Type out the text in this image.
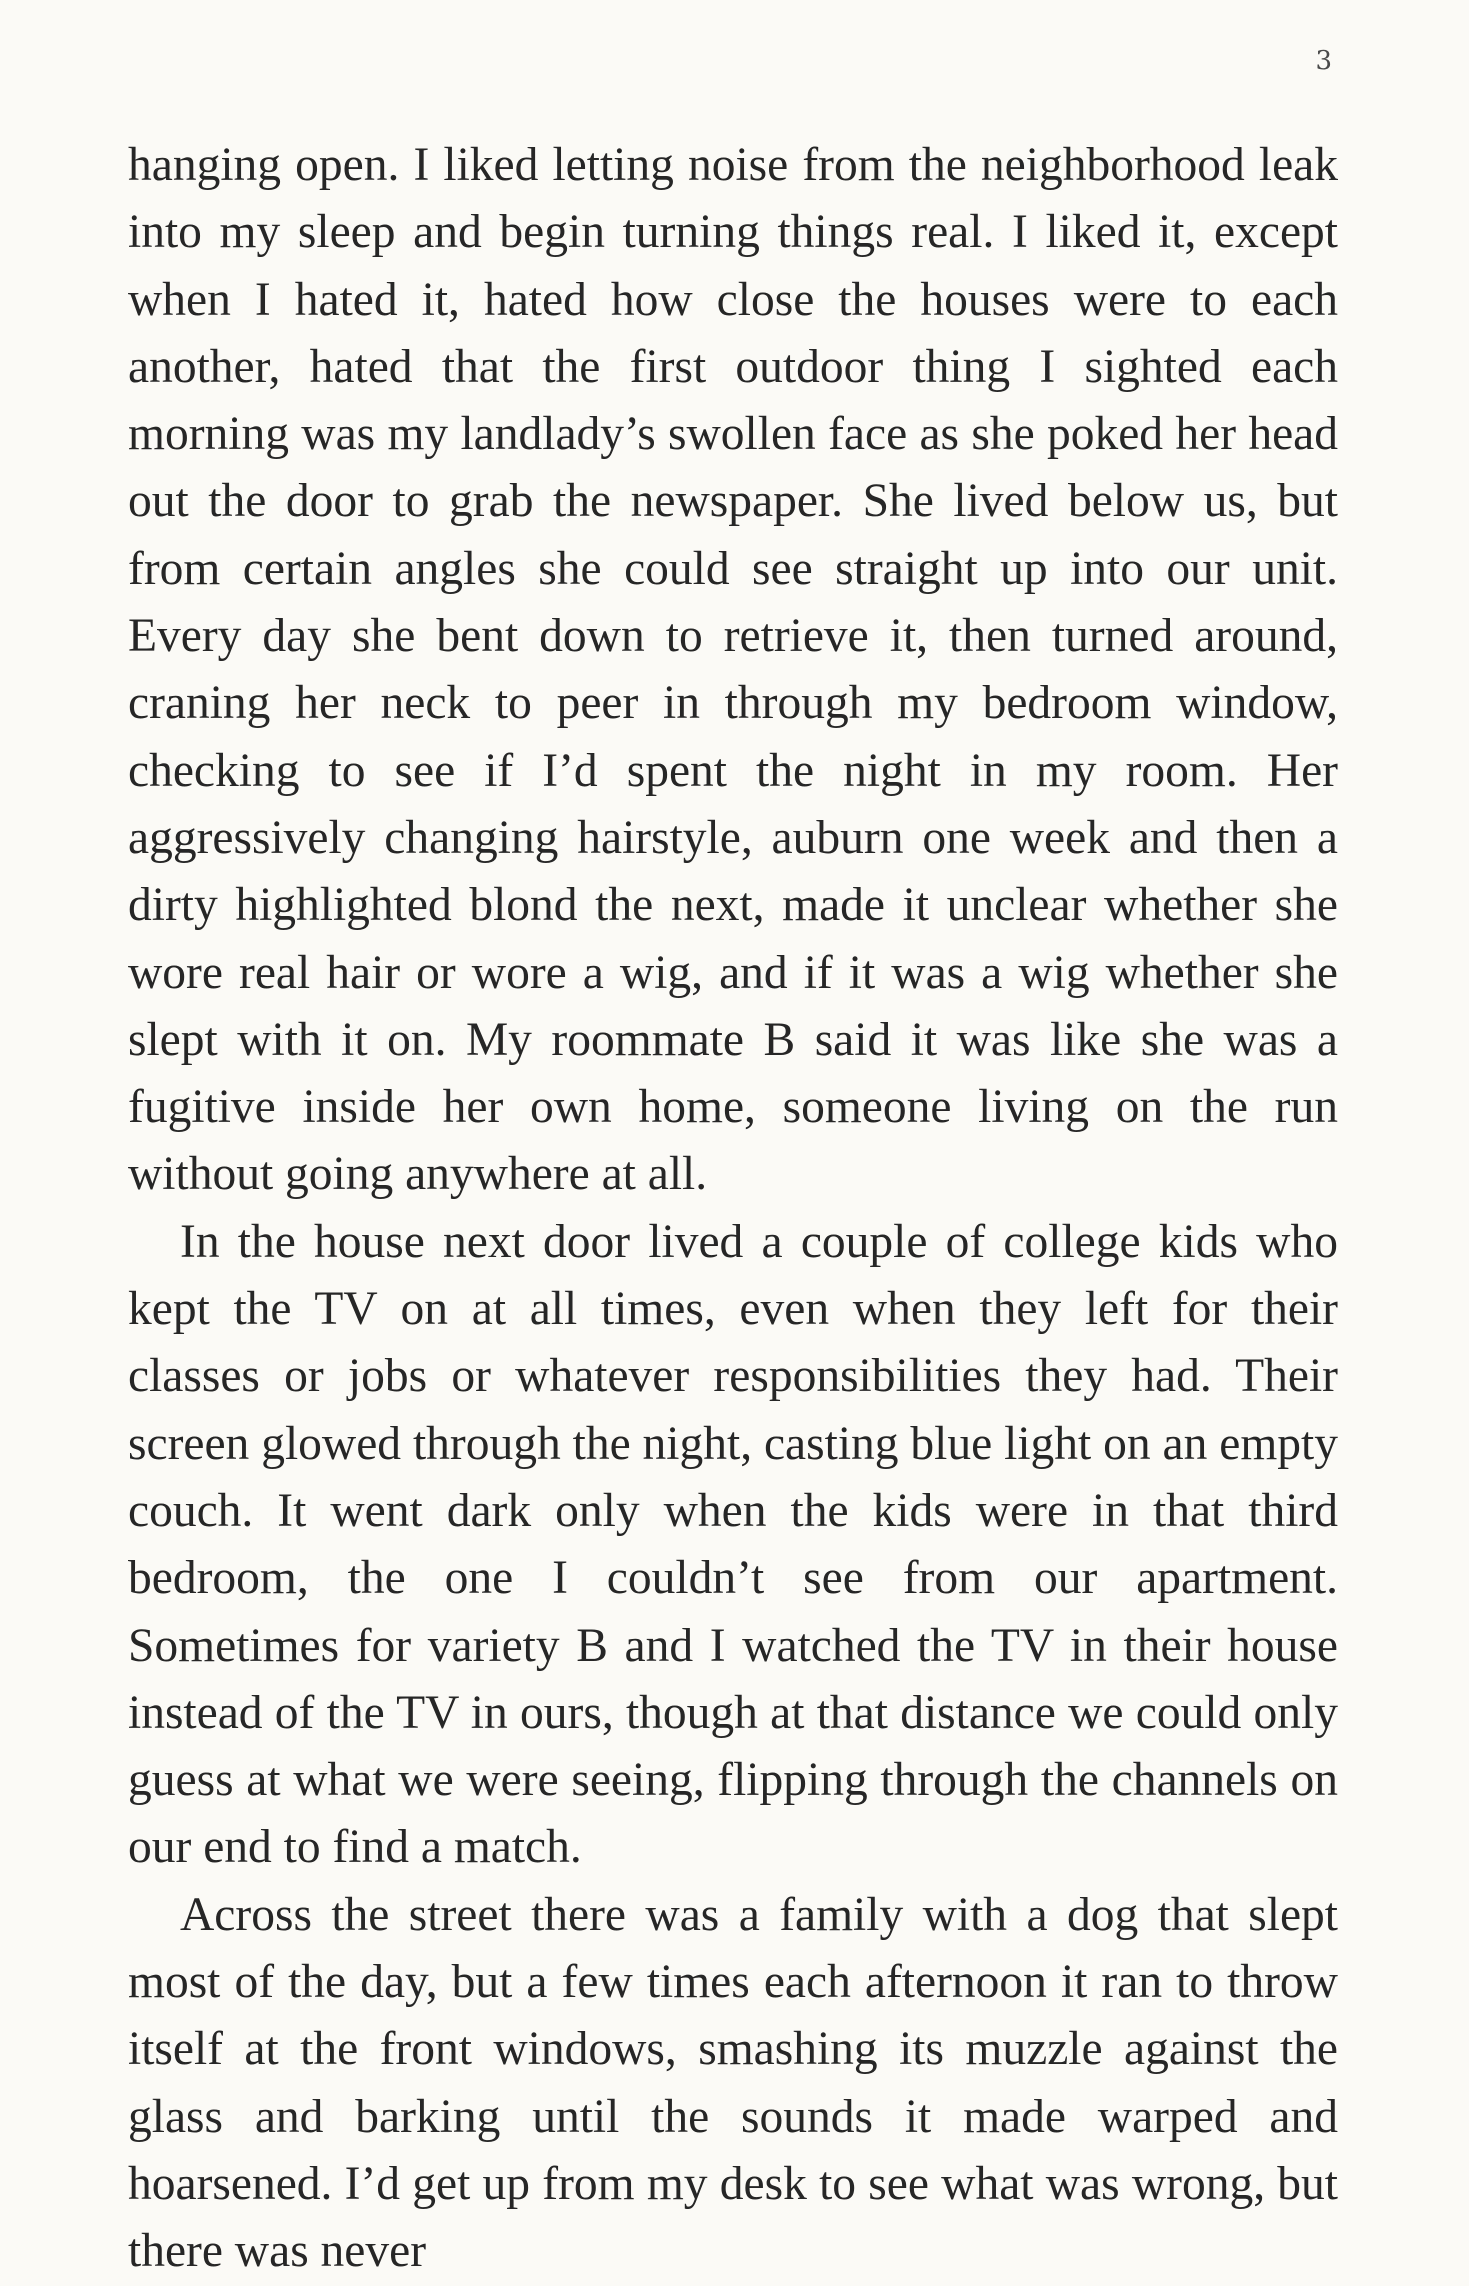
3

hanging open. I liked letting noise from the neighborhood leak into my sleep and begin turning things real. I liked it, except when I hated it, hated how close the houses were to each another, hated that the first outdoor thing I sighted each morning was my landlady’s swollen face as she poked her head out the door to grab the newspaper. She lived below us, but from certain angles she could see straight up into our unit. Every day she bent down to retrieve it, then turned around, craning her neck to peer in through my bedroom window, checking to see if I’d spent the night in my room. Her aggressively changing hairstyle, auburn one week and then a dirty highlighted blond the next, made it unclear whether she wore real hair or wore a wig, and if it was a wig whether she slept with it on. My roommate B said it was like she was a fugitive inside her own home, someone living on the run without going anywhere at all.

In the house next door lived a couple of college kids who kept the TV on at all times, even when they left for their classes or jobs or whatever responsibilities they had. Their screen glowed through the night, casting blue light on an empty couch. It went dark only when the kids were in that third bedroom, the one I couldn’t see from our apartment. Sometimes for variety B and I watched the TV in their house instead of the TV in ours, though at that distance we could only guess at what we were seeing, flipping through the channels on our end to find a match.

Across the street there was a family with a dog that slept most of the day, but a few times each afternoon it ran to throw itself at the front windows, smashing its muzzle against the glass and barking until the sounds it made warped and hoarsened. I’d get up from my desk to see what was wrong, but there was never
